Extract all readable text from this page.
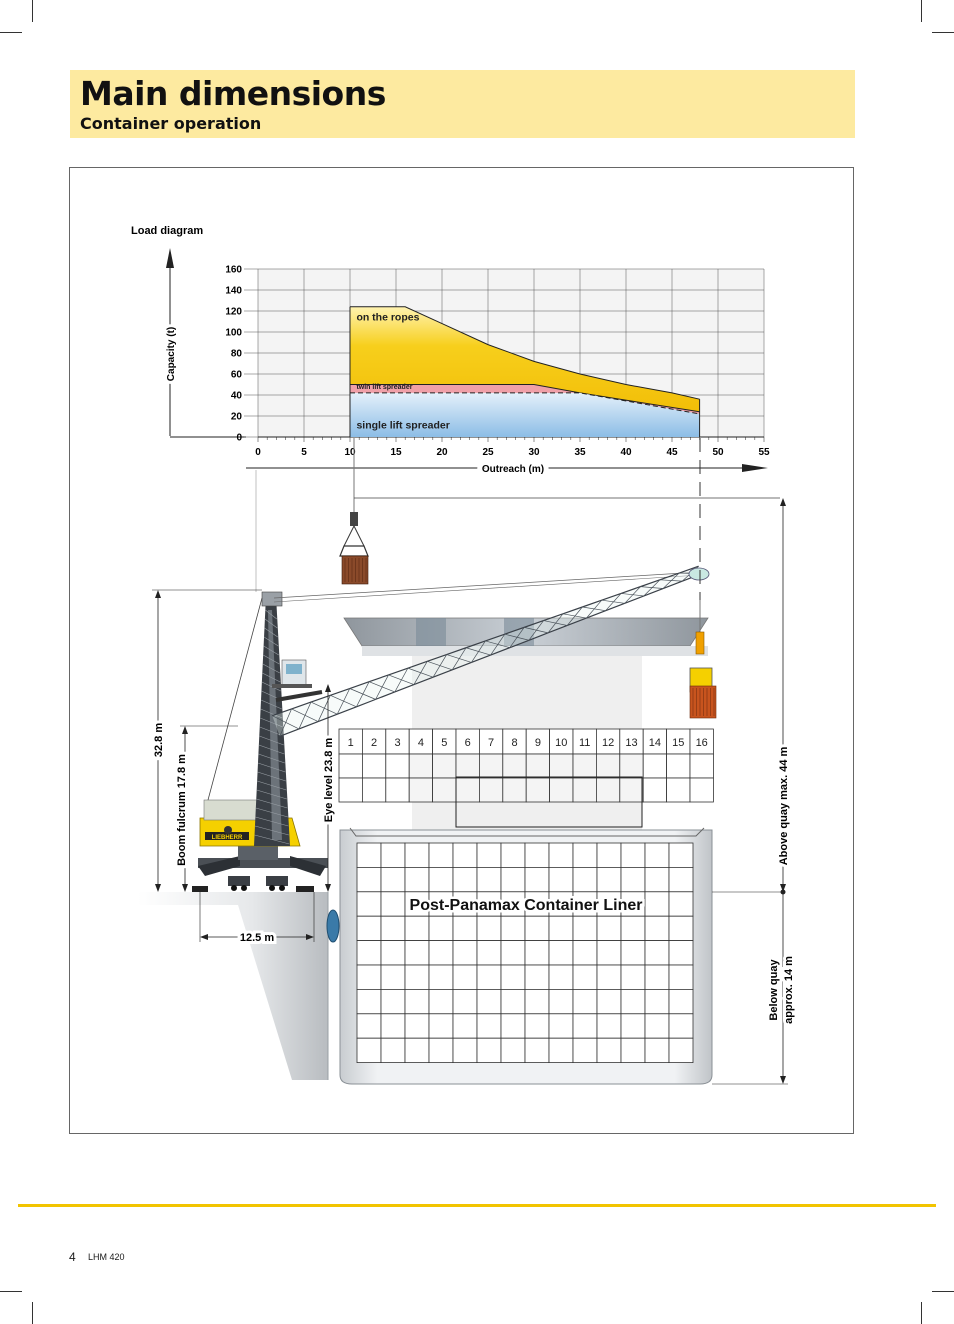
Main dimensions
Container operation
Load diagram
Capacity (t)
Outreach (m)
0	5	10	15	20	25	30	35	40	45	50	55
0
20
40
60
80
100
120
140
160
on the ropes
twin lift spreader
single lift spreader
1 2 3 4 5 6 7 8 9 10 11 12 13 14 15 16
Post-Panamax Container Liner
LIEBHERR
32.8 m
Boom fulcrum 17.8 m	Eye level 23.8 m
12.5 m
Above quay max. 44 m
Below quay approx. 14 m
4 LHM 420
